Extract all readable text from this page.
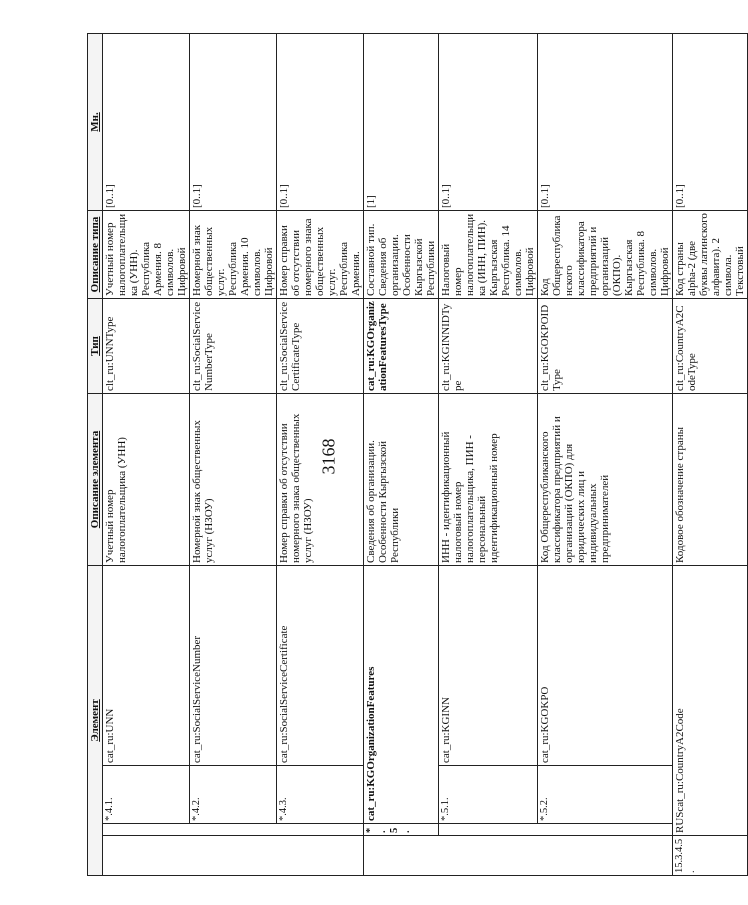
3168
Элемент				Описание элемента	Тип	Описание типа	Мн.
		*.4.1.	cat_ru:UNN	Учетный номер налогоплательщика (УНН)	clt_ru:UNNType	Учетный номер налогоплательщика (УНН). Республика Армения. 8 символов. Цифровой	[0..1]
		*.4.2.	cat_ru:SocialServiceNumber	Номерной знак общественных услуг (НЗОУ)	clt_ru:SocialServiceNumberType	Номерной знак общественных услуг. Республика Армения. 10 символов. Цифровой	[0..1]
		*.4.3.	cat_ru:SocialServiceCertificate	Номер справки об отсутствии номерного знака общественных услуг (НЗОУ)	clt_ru:SocialServiceCertificateType	Номер справки об отсутствии номерного знака общественных услуг. Республика Армения.	[0..1]
	*.5.	cat_ru:KGOrganizationFeatures		Сведения об организации. Особенности Кыргызской Республики	cat_ru:KGOrganizationFeaturesType	Составной тип. Сведения об организации. Особенности Кыргызской Республики	[1]
		*.5.1.	cat_ru:KGINN	ИНН - идентификационный налоговый номер налогоплательщика, ПИН - персональный идентификационный номер	clt_ru:KGINNIDType	Налоговый номер налогоплательщика (ИНН, ПИН). Кыргызская Республика. 14 символов. Цифровой	[0..1]
		*.5.2.	cat_ru:KGOKPO	Код Общереспубликанского классификатора предприятий и организаций (ОКПО) для юридических лиц и индивидуальных предпринимателей	clt_ru:KGOKPOIDType	Код Общереспубликанского классификатора предприятий и организаций (ОКПО). Кыргызская Республика. 8 символов. Цифровой	[0..1]
15.3.4.5.	RUScat_ru:CountryA2Code			Кодовое обозначение страны	clt_ru:CountryA2CodeType	Код страны alpha-2 (две буквы латинского алфавита). 2 символа. Текстовый	[0..1]
